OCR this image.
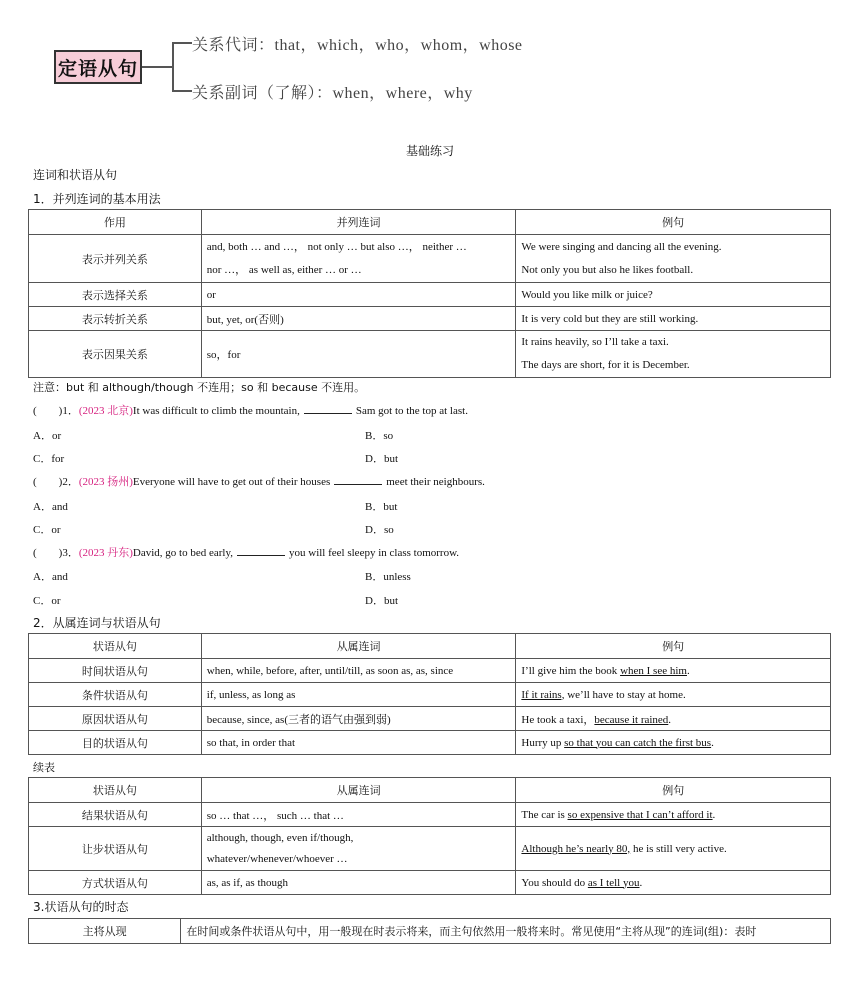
定语从句
关系代词：that，which，who，whom，whose
关系副词（了解）：when，where，why
基础练习
连词和状语从句
1．并列连词的基本用法
作用	并列连词	例句
表示并列关系	and, both … and …， not only … but also …， neither …
nor …， as well as, either … or …	We were singing and dancing all the evening.
Not only you but also he likes football.

表示选择关系	or	Would you like milk or juice?
表示转折关系	but, yet, or(否则)	It is very cold but they are still working.
表示因果关系	so，for	It rains heavily, so I’ll take a taxi.
The days are short, for it is December.
注意：but 和 although/though 不连用；so 和 because 不连用。
(　　)1．(2023 北京)It was difficult to climb the mountain,	Sam got to the top at last.
A．or	B．so
C．for	D．but
(　　)2．(2023 扬州)Everyone will have to get out of their houses	meet their neighbours.
A．and	B．but
C．or	D．so
(　　)3．(2023 丹东)David, go to bed early,	you will feel sleepy in class tomorrow.
A．and	B．unless
C．or	D．but
2．从属连词与状语从句
状语从句	从属连词	例句
时间状语从句	when, while, before, after, until/till, as soon as, as, since	I’ll give him the book when I see him.
条件状语从句	if, unless, as long as	If it rains, we’ll have to stay at home.
原因状语从句	because, since, as(三者的语气由强到弱)	He took a taxi，because it rained.
目的状语从句	so that, in order that	Hurry up so that you can catch the first bus.
续表
状语从句	从属连词	例句
结果状语从句	so … that …， such … that …	The car is so expensive that I can’t afford it.
让步状语从句	although, though, even if/though,
whatever/whenever/whoever …	Although he’s nearly 80, he is still very active.
方式状语从句	as, as if, as though	You should do as I tell you.
3.状语从句的时态
主将从现	在时间或条件状语从句中，用一般现在时表示将来，而主句依然用一般将来时。常见使用“主将从现”的连词(组)：表时
